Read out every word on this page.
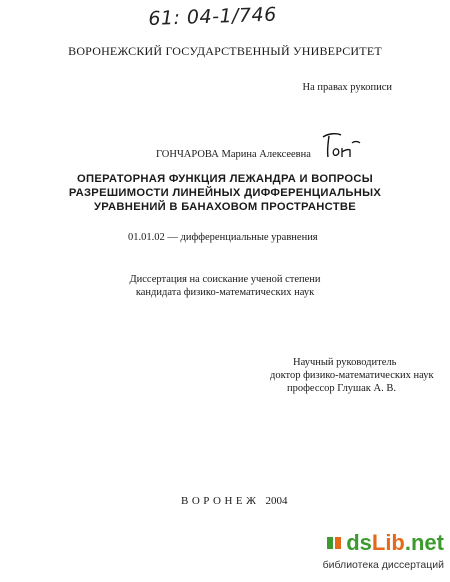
61: 04-1/746
ВОРОНЕЖСКИЙ ГОСУДАРСТВЕННЫЙ УНИВЕРСИТЕТ
На правах рукописи
ГОНЧАРОВА Марина Алексеевна
ОПЕРАТОРНАЯ ФУНКЦИЯ ЛЕЖАНДРА И ВОПРОСЫ
РАЗРЕШИМОСТИ ЛИНЕЙНЫХ ДИФФЕРЕНЦИАЛЬНЫХ
УРАВНЕНИЙ В БАНАХОВОМ ПРОСТРАНСТВЕ
01.01.02 — дифференциальные уравнения
Диссертация на соискание ученой степени
кандидата физико-математических наук
Научный руководитель
доктор физико-математических наук
профессор Глушак А. В.
ВОРОНЕЖ 2004
ds Lib .net
библиотека диссертаций
